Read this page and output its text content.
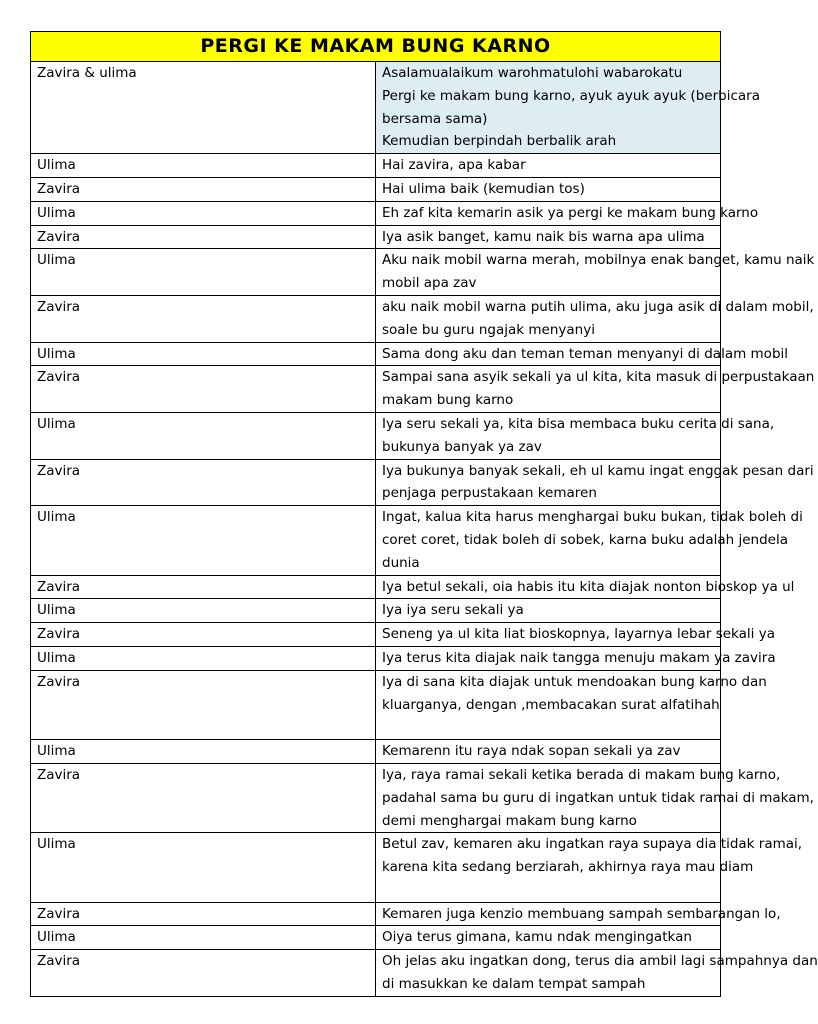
PERGI KE MAKAM BUNG KARNO	
Zavira & ulima	Asalamualaikum warohmatulohi wabarokatu
Pergi ke makam bung karno, ayuk ayuk ayuk (berbicara
bersama sama)
Kemudian berpindah berbalik arah

Ulima	Hai zavira, apa kabar

Zavira	Hai ulima baik (kemudian tos)

Ulima	Eh zaf kita kemarin asik ya pergi ke makam bung karno

Zavira	Iya asik banget, kamu naik bis warna apa ulima

Ulima	Aku naik mobil warna merah, mobilnya enak banget, kamu naik
mobil apa zav

Zavira	aku naik mobil warna putih ulima, aku juga asik di dalam mobil,
soale bu guru ngajak menyanyi

Ulima	Sama dong aku dan teman teman menyanyi di dalam mobil

Zavira	Sampai sana asyik sekali ya ul kita, kita masuk di perpustakaan
makam bung karno

Ulima	Iya seru sekali ya, kita bisa membaca buku cerita di sana,
bukunya banyak ya zav

Zavira	Iya bukunya banyak sekali, eh ul kamu ingat enggak pesan dari
penjaga perpustakaan kemaren

Ulima	Ingat, kalua kita harus menghargai buku bukan, tidak boleh di
coret coret, tidak boleh di sobek, karna buku adalah jendela
dunia

Zavira	Iya betul sekali, oia habis itu kita diajak nonton bioskop ya ul

Ulima	Iya iya seru sekali ya

Zavira	Seneng ya ul kita liat bioskopnya, layarnya lebar sekali ya

Ulima	Iya terus kita diajak naik tangga menuju makam ya zavira

Zavira	Iya di sana kita diajak untuk mendoakan bung karno dan
kluarganya, dengan ,membacakan surat alfatihah

Ulima	Kemarenn itu raya ndak sopan sekali ya zav

Zavira	Iya, raya ramai sekali ketika berada di makam bung karno,
padahal sama bu guru di ingatkan untuk tidak ramai di makam,
demi menghargai makam bung karno

Ulima	Betul zav, kemaren aku ingatkan raya supaya dia tidak ramai,
karena kita sedang berziarah, akhirnya raya mau diam

Zavira	Kemaren juga kenzio membuang sampah sembarangan lo,

Ulima	Oiya terus gimana, kamu ndak mengingatkan

Zavira	Oh jelas aku ingatkan dong, terus dia ambil lagi sampahnya dan
di masukkan ke dalam tempat sampah
